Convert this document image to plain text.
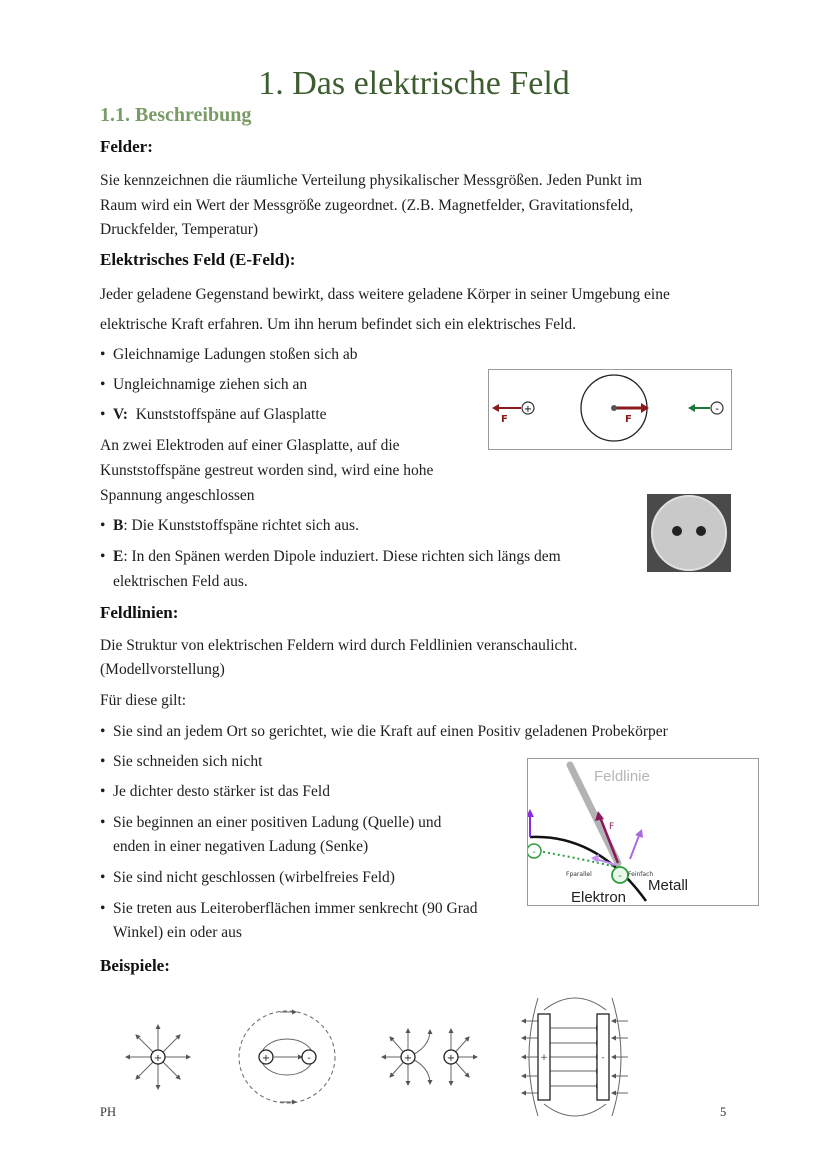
1. Das elektrische Feld
1.1. Beschreibung
Felder:
Sie kennzeichnen die räumliche Verteilung physikalischer Messgrößen. Jeden Punkt im
Raum wird ein Wert der Messgröße zugeordnet. (Z.B. Magnetfelder, Gravitationsfeld,
Druckfelder, Temperatur)
Elektrisches Feld (E-Feld):
Jeder geladene Gegenstand bewirkt, dass weitere geladene Körper in seiner Umgebung eine
elektrische Kraft erfahren. Um ihn herum befindet sich ein elektrisches Feld.
• Gleichnamige Ladungen stoßen sich ab
• Ungleichnamige ziehen sich an
• V: Kunststoffspäne auf Glasplatte
An zwei Elektroden auf einer Glasplatte, auf die
Kunststoffspäne gestreut worden sind, wird eine hohe
Spannung angeschlossen
• B: Die Kunststoffspäne richtet sich aus.
• E: In den Spänen werden Dipole induziert. Diese richten sich längs dem
elektrischen Feld aus.
+
F	F
-
Feldlinien:
Die Struktur von elektrischen Feldern wird durch Feldlinien veranschaulicht.
(Modellvorstellung)
Für diese gilt:
• Sie sind an jedem Ort so gerichtet, wie die Kraft auf einen Positiv geladenen Probekörper
• Sie schneiden sich nicht
• Je dichter desto stärker ist das Feld
• Sie beginnen an einer positiven Ladung (Quelle) und
enden in einer negativen Ladung (Senke)
• Sie sind nicht geschlossen (wirbelfreies Feld)
• Sie treten aus Leiteroberflächen immer senkrecht (90 Grad
Winkel) ein oder aus
Feldlinie
F
-
-
Fparallel	Feinfach
Metall
Elektron
Beispiele:
+	+	-	+	+	+	-
PH	5
